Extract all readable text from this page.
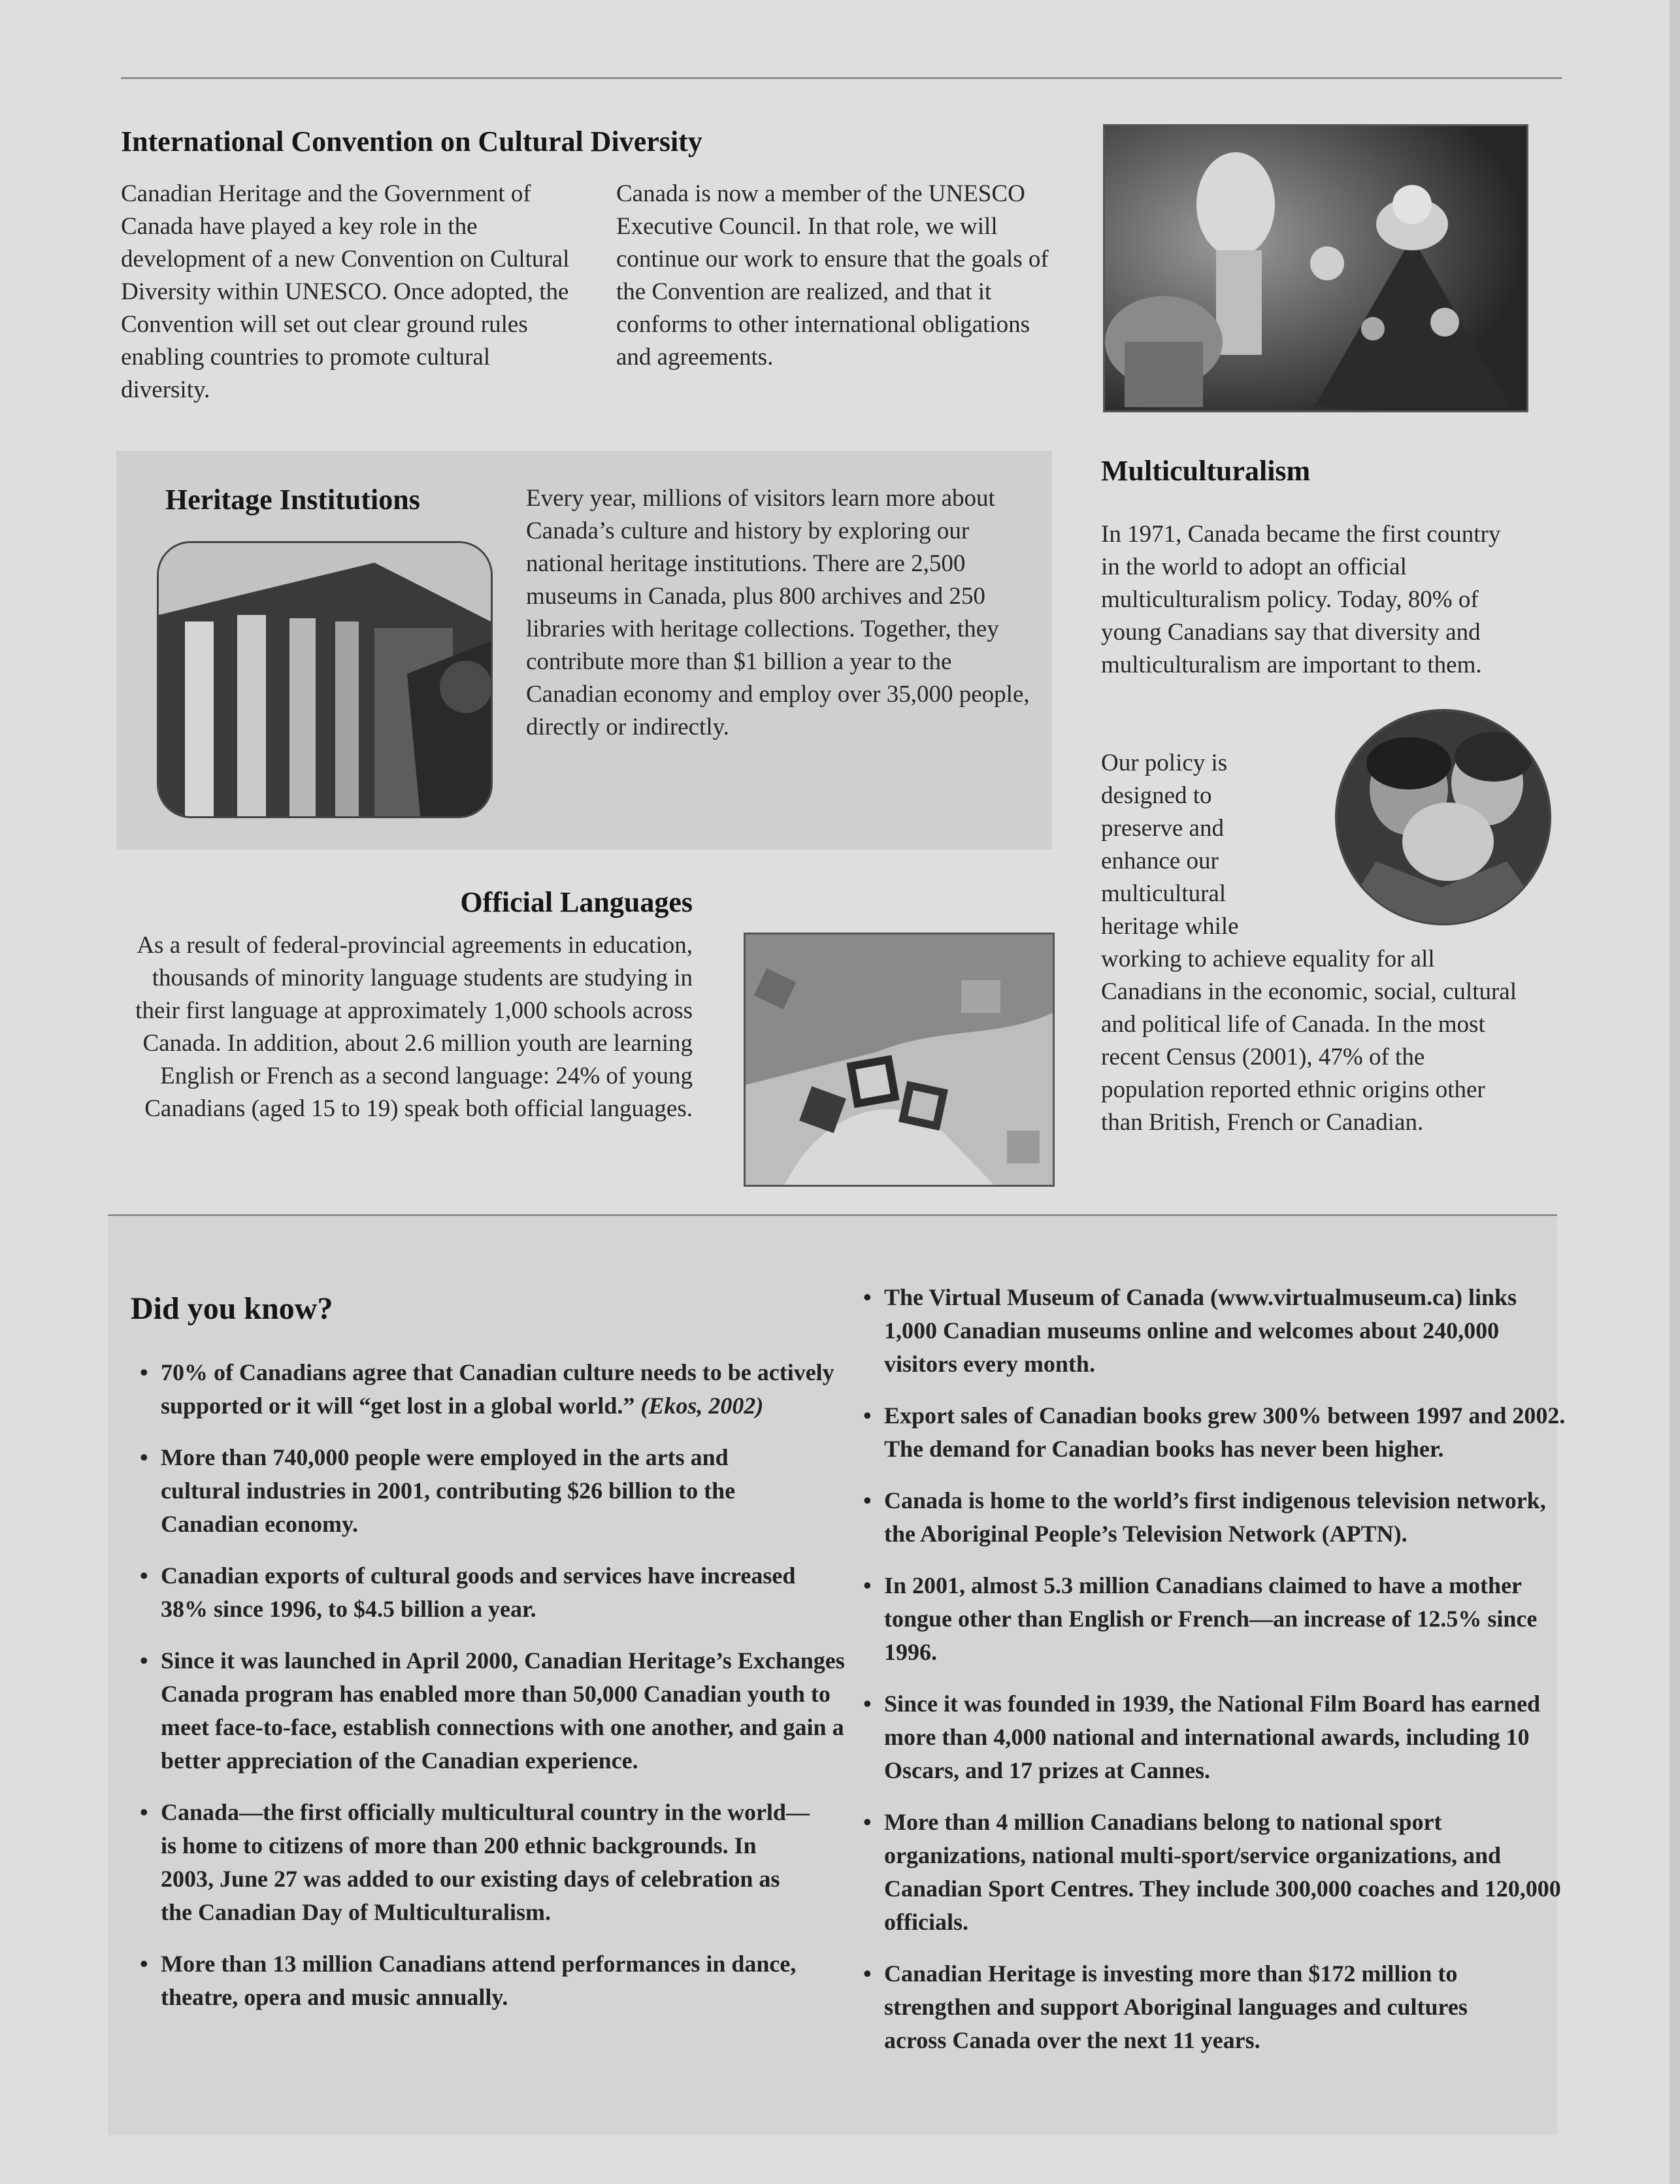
International Convention on Cultural Diversity
Canadian Heritage and the Government of Canada have played a key role in the development of a new Convention on Cultural Diversity within UNESCO. Once adopted, the Convention will set out clear ground rules enabling countries to promote cultural diversity.
Canada is now a member of the UNESCO Executive Council. In that role, we will continue our work to ensure that the goals of the Convention are realized, and that it conforms to other international obligations and agreements.
Heritage Institutions	Every year, millions of visitors learn more about Canada’s culture and history by exploring our national heritage institutions. There are 2,500 museums in Canada, plus 800 archives and 250 libraries with heritage collections. Together, they contribute more than $1 billion a year to the Canadian economy and employ over 35,000 people, directly or indirectly.
Official Languages
As a result of federal-provincial agreements in education, thousands of minority language students are studying in their first language at approximately 1,000 schools across Canada. In addition, about 2.6 million youth are learning English or French as a second language: 24% of young Canadians (aged 15 to 19) speak both official languages.
Multiculturalism
In 1971, Canada became the first country in the world to adopt an official multiculturalism policy. Today, 80% of young Canadians say that diversity and multiculturalism are important to them.
Our policy is designed to preserve and enhance our multicultural heritage while
working to achieve equality for all Canadians in the economic, social, cultural and political life of Canada. In the most recent Census (2001), 47% of the population reported ethnic origins other than British, French or Canadian.
Did you know?
• 70% of Canadians agree that Canadian culture needs to be actively supported or it will “get lost in a global world.” (Ekos, 2002)
• More than 740,000 people were employed in the arts and cultural industries in 2001, contributing $26 billion to the Canadian economy.
• Canadian exports of cultural goods and services have increased 38% since 1996, to $4.5 billion a year.
• Since it was launched in April 2000, Canadian Heritage’s Exchanges Canada program has enabled more than 50,000 Canadian youth to meet face-to-face, establish connections with one another, and gain a better appreciation of the Canadian experience.
• Canada—the first officially multicultural country in the world—is home to citizens of more than 200 ethnic backgrounds. In 2003, June 27 was added to our existing days of celebration as the Canadian Day of Multiculturalism.
• More than 13 million Canadians attend performances in dance, theatre, opera and music annually.
• The Virtual Museum of Canada (www.virtualmuseum.ca) links 1,000 Canadian museums online and welcomes about 240,000 visitors every month.
• Export sales of Canadian books grew 300% between 1997 and 2002. The demand for Canadian books has never been higher.
• Canada is home to the world’s first indigenous television network, the Aboriginal People’s Television Network (APTN).
• In 2001, almost 5.3 million Canadians claimed to have a mother tongue other than English or French—an increase of 12.5% since 1996.
• Since it was founded in 1939, the National Film Board has earned more than 4,000 national and international awards, including 10 Oscars, and 17 prizes at Cannes.
• More than 4 million Canadians belong to national sport organizations, national multi-sport/service organizations, and Canadian Sport Centres. They include 300,000 coaches and 120,000 officials.
• Canadian Heritage is investing more than $172 million to strengthen and support Aboriginal languages and cultures across Canada over the next 11 years.
